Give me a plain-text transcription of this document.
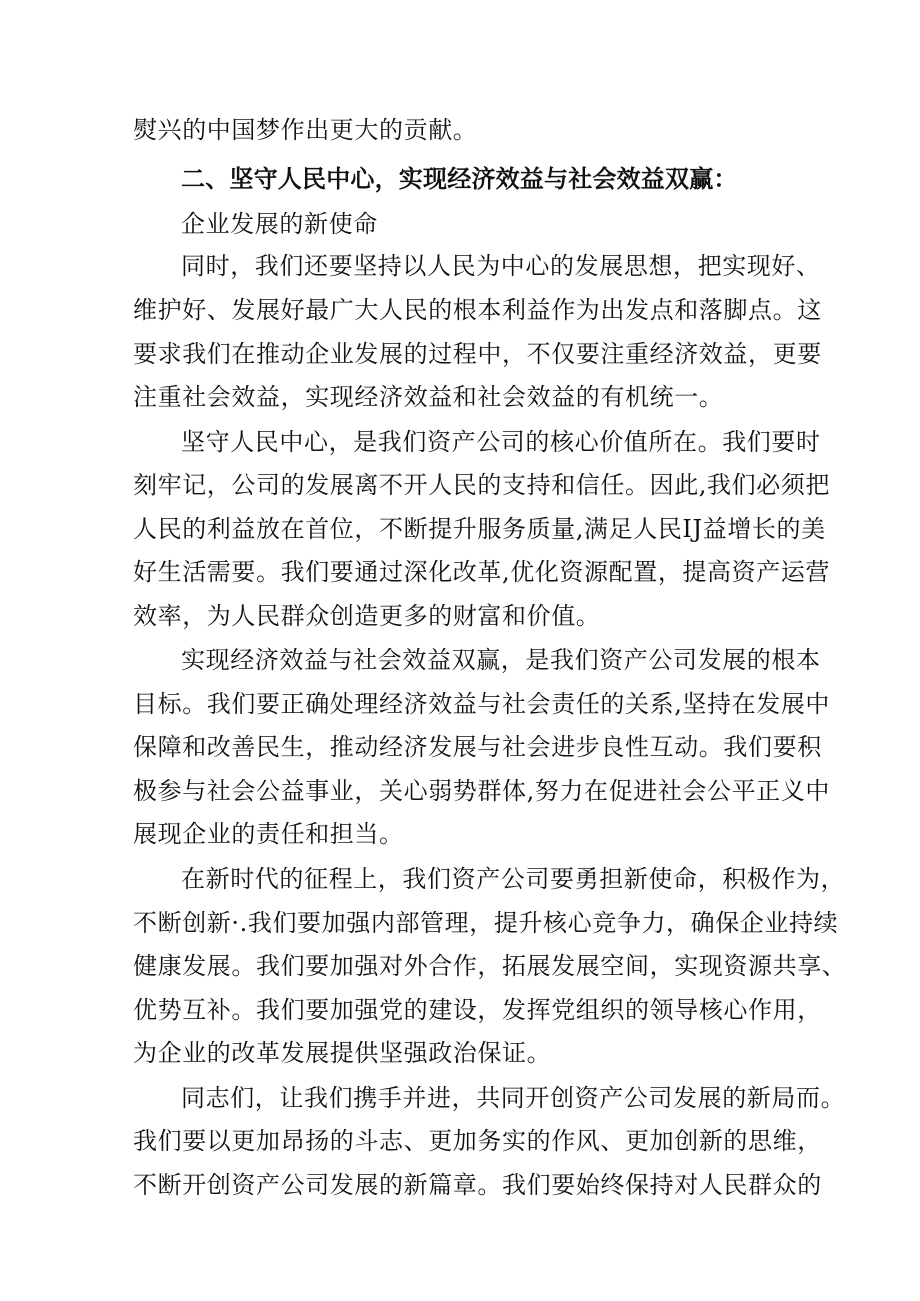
熨兴的中国梦作出更大的贡献。
二、坚守人民中心，实现经济效益与社会效益双赢：
企业发展的新使命
同时，我们还要坚持以人民为中心的发展思想，把实现好、
维护好、发展好最广大人民的根本利益作为出发点和落脚点。这
要求我们在推动企业发展的过程中，不仅要注重经济效益，更要
注重社会效益，实现经济效益和社会效益的有机统一。
坚守人民中心，是我们资产公司的核心价值所在。我们要时
刻牢记，公司的发展离不开人民的支持和信任。因此,我们必须把
人民的利益放在首位，不断提升服务质量,满足人民IJ益增长的美
好生活需要。我们要通过深化改革,优化资源配置，提高资产运营
效率，为人民群众创造更多的财富和价值。
实现经济效益与社会效益双赢，是我们资产公司发展的根本
目标。我们要正确处理经济效益与社会责任的关系,坚持在发展中
保障和改善民生，推动经济发展与社会进步良性互动。我们要积
极参与社会公益事业，关心弱势群体,努力在促进社会公平正义中
展现企业的责任和担当。
在新时代的征程上，我们资产公司要勇担新使命，积极作为，
不断创新·.我们要加强内部管理，提升核心竞争力，确保企业持续
健康发展。我们要加强对外合作，拓展发展空间，实现资源共享、
优势互补。我们要加强党的建设，发挥党组织的领导核心作用，
为企业的改革发展提供坚强政治保证。
同志们，让我们携手并进，共同开创资产公司发展的新局而。
我们要以更加昂扬的斗志、更加务实的作风、更加创新的思维，
不断开创资产公司发展的新篇章。我们要始终保持对人民群众的
